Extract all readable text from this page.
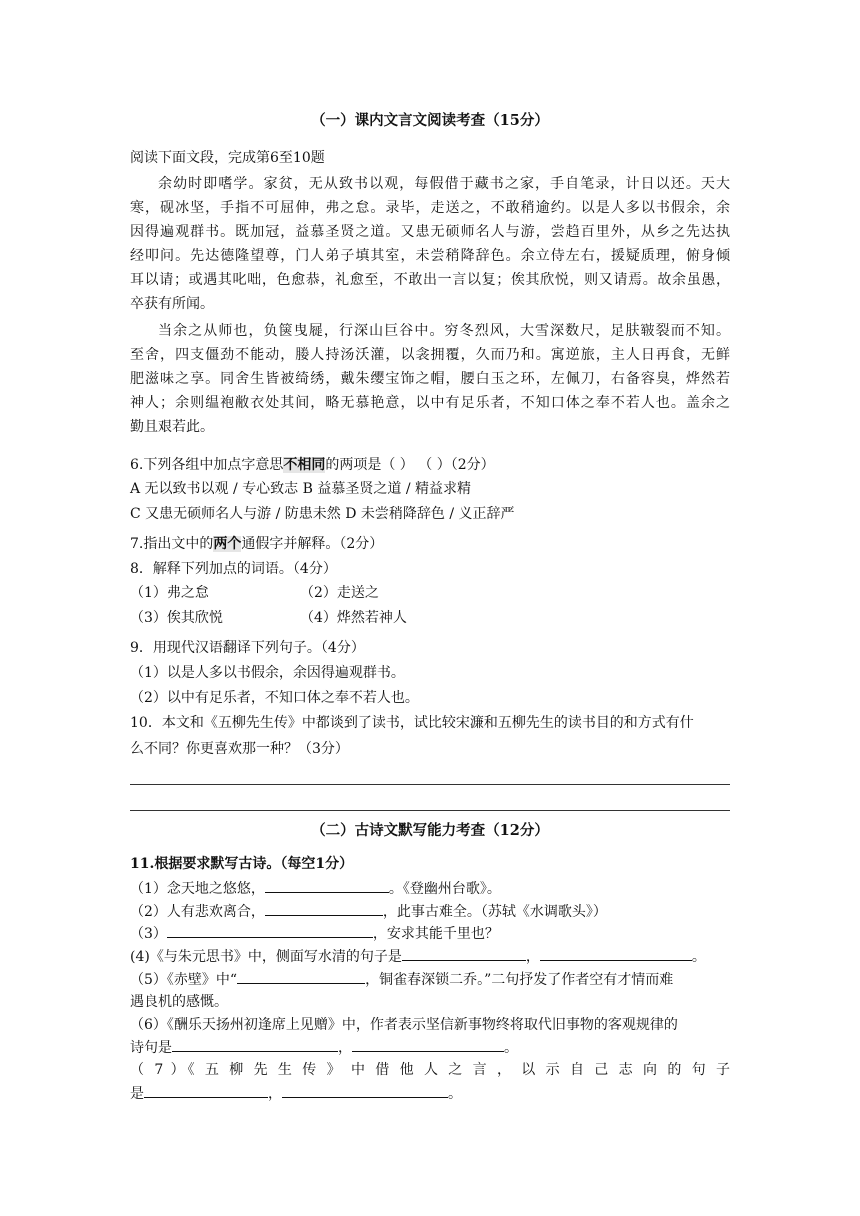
（一）课内文言文阅读考查（15分）
阅读下面文段，完成第6至10题
余幼时即嗜学。家贫，无从致书以观，每假借于藏书之家，手自笔录，计日以还。天大
寒，砚冰坚，手指不可屈伸，弗之怠。录毕，走送之，不敢稍逾约。以是人多以书假余，余
因得遍观群书。既加冠，益慕圣贤之道。又患无硕师名人与游，尝趋百里外，从乡之先达执
经叩问。先达德隆望尊，门人弟子填其室，未尝稍降辞色。余立侍左右，援疑质理，俯身倾
耳以请；或遇其叱咄，色愈恭，礼愈至，不敢出一言以复；俟其欣悦，则又请焉。故余虽愚，
卒获有所闻。
当余之从师也，负箧曳屣，行深山巨谷中。穷冬烈风，大雪深数尺，足肤皲裂而不知。
至舍，四支僵劲不能动，媵人持汤沃灌，以衾拥覆，久而乃和。寓逆旅，主人日再食，无鲜
肥滋味之享。同舍生皆被绮绣，戴朱缨宝饰之帽，腰白玉之环，左佩刀，右备容臭，烨然若
神人；余则缊袍敝衣处其间，略无慕艳意，以中有足乐者，不知口体之奉不若人也。盖余之
勤且艰若此。
6.下列各组中加点字意思不相同的两项是（ ） （ ）（2分）
A 无以致书以观 / 专心致志 B 益慕圣贤之道 / 精益求精
C 又患无硕师名人与游 / 防患未然 D 未尝稍降辞色 / 义正辞严
7.指出文中的两个通假字并解释。（2分）
8．解释下列加点的词语。（4分）
（1）弗之怠	（2）走送之
（3）俟其欣悦	（4）烨然若神人
9．用现代汉语翻译下列句子。（4分）
（1）以是人多以书假余，余因得遍观群书。
（2）以中有足乐者，不知口体之奉不若人也。
10．本文和《五柳先生传》中都谈到了读书，试比较宋濂和五柳先生的读书目的和方式有什
么不同？你更喜欢那一种？（3分）
（二）古诗文默写能力考查（12分）
11.根据要求默写古诗。（每空1分）
（1）念天地之悠悠，	。《登幽州台歌》。
（2）人有悲欢离合，	，此事古难全。（苏轼《水调歌头》）
（3）	，安求其能千里也？
(4)《与朱元思书》中，侧面写水清的句子是	，	。
（5）《赤壁》中“	，铜雀春深锁二乔。”二句抒发了作者空有才情而难
遇良机的感慨。
（6）《酬乐天扬州初逢席上见赠》中，作者表示坚信新事物终将取代旧事物的客观规律的
诗句是	，	。
（ 7 ）《 五 柳 先 生 传 》 中 借 他 人 之 言 ， 以 示 自 己 志 向 的 句 子
是	，	。
